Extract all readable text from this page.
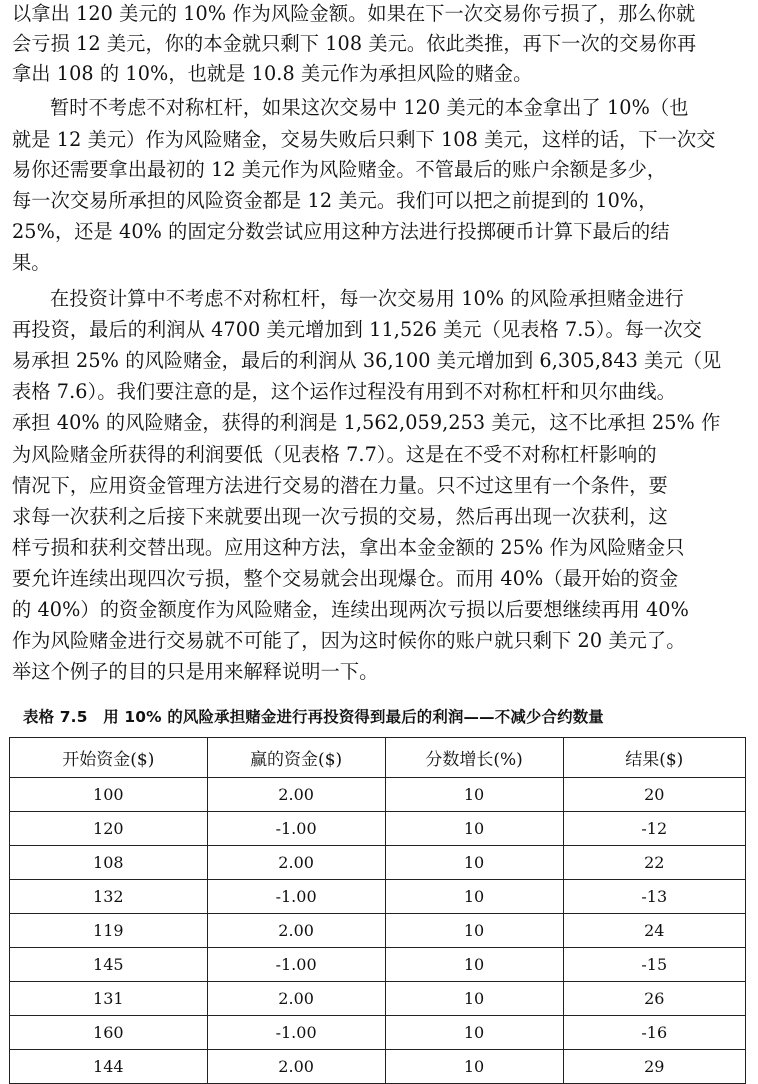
以拿出 120 美元的 10% 作为风险金额。如果在下一次交易你亏损了，那么你就
会亏损 12 美元，你的本金就只剩下 108 美元。依此类推，再下一次的交易你再
拿出 108 的 10%，也就是 10.8 美元作为承担风险的赌金。
暂时不考虑不对称杠杆，如果这次交易中 120 美元的本金拿出了 10%（也
就是 12 美元）作为风险赌金，交易失败后只剩下 108 美元，这样的话，下一次交
易你还需要拿出最初的 12 美元作为风险赌金。不管最后的账户余额是多少，
每一次交易所承担的风险资金都是 12 美元。我们可以把之前提到的 10%，
25%，还是 40% 的固定分数尝试应用这种方法进行投掷硬币计算下最后的结
果。
在投资计算中不考虑不对称杠杆，每一次交易用 10% 的风险承担赌金进行
再投资，最后的利润从 4700 美元增加到 11,526 美元（见表格 7.5）。每一次交
易承担 25% 的风险赌金，最后的利润从 36,100 美元增加到 6,305,843 美元（见
表格 7.6）。我们要注意的是，这个运作过程没有用到不对称杠杆和贝尔曲线。
承担 40% 的风险赌金，获得的利润是 1,562,059,253 美元，这不比承担 25% 作
为风险赌金所获得的利润要低（见表格 7.7）。这是在不受不对称杠杆影响的
情况下，应用资金管理方法进行交易的潜在力量。只不过这里有一个条件，要
求每一次获利之后接下来就要出现一次亏损的交易，然后再出现一次获利，这
样亏损和获利交替出现。应用这种方法，拿出本金金额的 25% 作为风险赌金只
要允许连续出现四次亏损，整个交易就会出现爆仓。而用 40%（最开始的资金
的 40%）的资金额度作为风险赌金，连续出现两次亏损以后要想继续再用 40%
作为风险赌金进行交易就不可能了，因为这时候你的账户就只剩下 20 美元了。
举这个例子的目的只是用来解释说明一下。
表格 7.5　用 10% 的风险承担赌金进行再投资得到最后的利润——不减少合约数量
开始资金($)	赢的资金($)	分数增长(%)	结果($)
100	2.00	10	20
120	-1.00	10	-12
108	2.00	10	22
132	-1.00	10	-13
119	2.00	10	24
145	-1.00	10	-15
131	2.00	10	26
160	-1.00	10	-16
144	2.00	10	29
